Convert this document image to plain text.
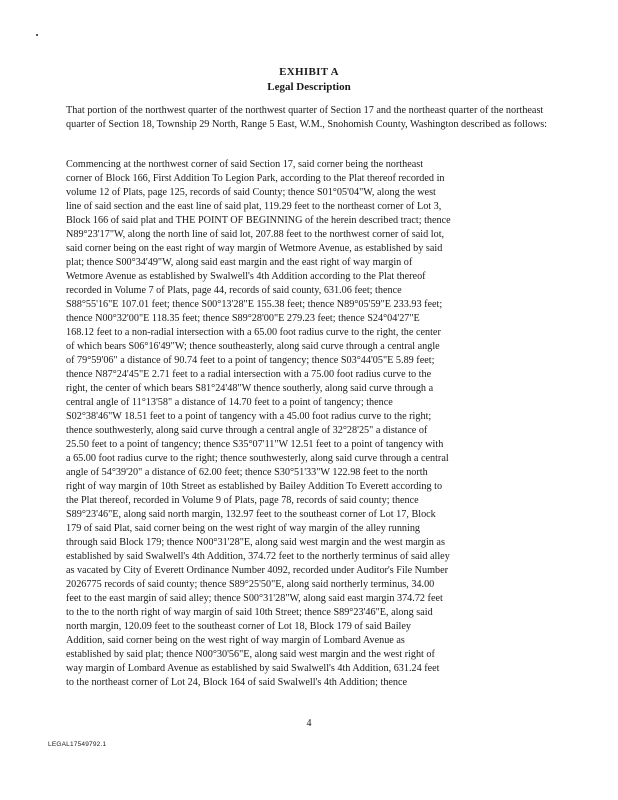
EXHIBIT A
Legal Description
That portion of the northwest quarter of the northwest quarter of Section 17 and the northeast quarter of the northeast quarter of Section 18, Township 29 North, Range 5 East, W.M., Snohomish County, Washington described as follows:
Commencing at the northwest corner of said Section 17, said corner being the northeast
corner of Block 166, First Addition To Legion Park, according to the Plat thereof recorded in
volume 12 of Plats, page 125, records of said County; thence S01°05'04"W, along the west
line of said section and the east line of said plat, 119.29 feet to the northeast corner of Lot 3,
Block 166 of said plat and THE POINT OF BEGINNING of the herein described tract; thence
N89°23'17"W, along the north line of said lot, 207.88 feet to the northwest corner of said lot,
said corner being on the east right of way margin of Wetmore Avenue, as established by said
plat; thence S00°34'49"W, along said east margin and the east right of way margin of
Wetmore Avenue as established by Swalwell's 4th Addition according to the Plat thereof
recorded in Volume 7 of Plats, page 44, records of said county, 631.06 feet; thence
S88°55'16"E 107.01 feet; thence S00°13'28"E 155.38 feet; thence N89°05'59"E 233.93 feet;
thence N00°32'00"E 118.35 feet; thence S89°28'00"E 279.23 feet; thence S24°04'27"E
168.12 feet to a non-radial intersection with a 65.00 foot radius curve to the right, the center
of which bears S06°16'49"W; thence southeasterly, along said curve through a central angle
of 79°59'06" a distance of 90.74 feet to a point of tangency; thence S03°44'05"E 5.89 feet;
thence N87°24'45"E 2.71 feet to a radial intersection with a 75.00 foot radius curve to the
right, the center of which bears S81°24'48"W thence southerly, along said curve through a
central angle of 11°13'58" a distance of 14.70 feet to a point of tangency; thence
S02°38'46"W 18.51 feet to a point of tangency with a 45.00 foot radius curve to the right;
thence southwesterly, along said curve through a central angle of 32°28'25" a distance of
25.50 feet to a point of tangency; thence S35°07'11"W 12.51 feet to a point of tangency with
a 65.00 foot radius curve to the right; thence southwesterly, along said curve through a central
angle of 54°39'20" a distance of 62.00 feet; thence S30°51'33"W 122.98 feet to the north
right of way margin of 10th Street as established by Bailey Addition To Everett according to
the Plat thereof, recorded in Volume 9 of Plats, page 78, records of said county; thence
S89°23'46"E, along said north margin, 132.97 feet to the southeast corner of Lot 17, Block
179 of said Plat, said corner being on the west right of way margin of the alley running
through said Block 179; thence N00°31'28"E, along said west margin and the west margin as
established by said Swalwell's 4th Addition, 374.72 feet to the northerly terminus of said alley
as vacated by City of Everett Ordinance Number 4092, recorded under Auditor's File Number
2026775 records of said county; thence S89°25'50"E, along said northerly terminus, 34.00
feet to the east margin of said alley; thence S00°31'28"W, along said east margin 374.72 feet
to the to the north right of way margin of said 10th Street; thence S89°23'46"E, along said
north margin, 120.09 feet to the southeast corner of Lot 18, Block 179 of said Bailey
Addition, said corner being on the west right of way margin of Lombard Avenue as
established by said plat; thence N00°30'56"E, along said west margin and the west right of
way margin of Lombard Avenue as established by said Swalwell's 4th Addition, 631.24 feet
to the northeast corner of Lot 24, Block 164 of said Swalwell's 4th Addition; thence
4
LEGAL17549792.1
